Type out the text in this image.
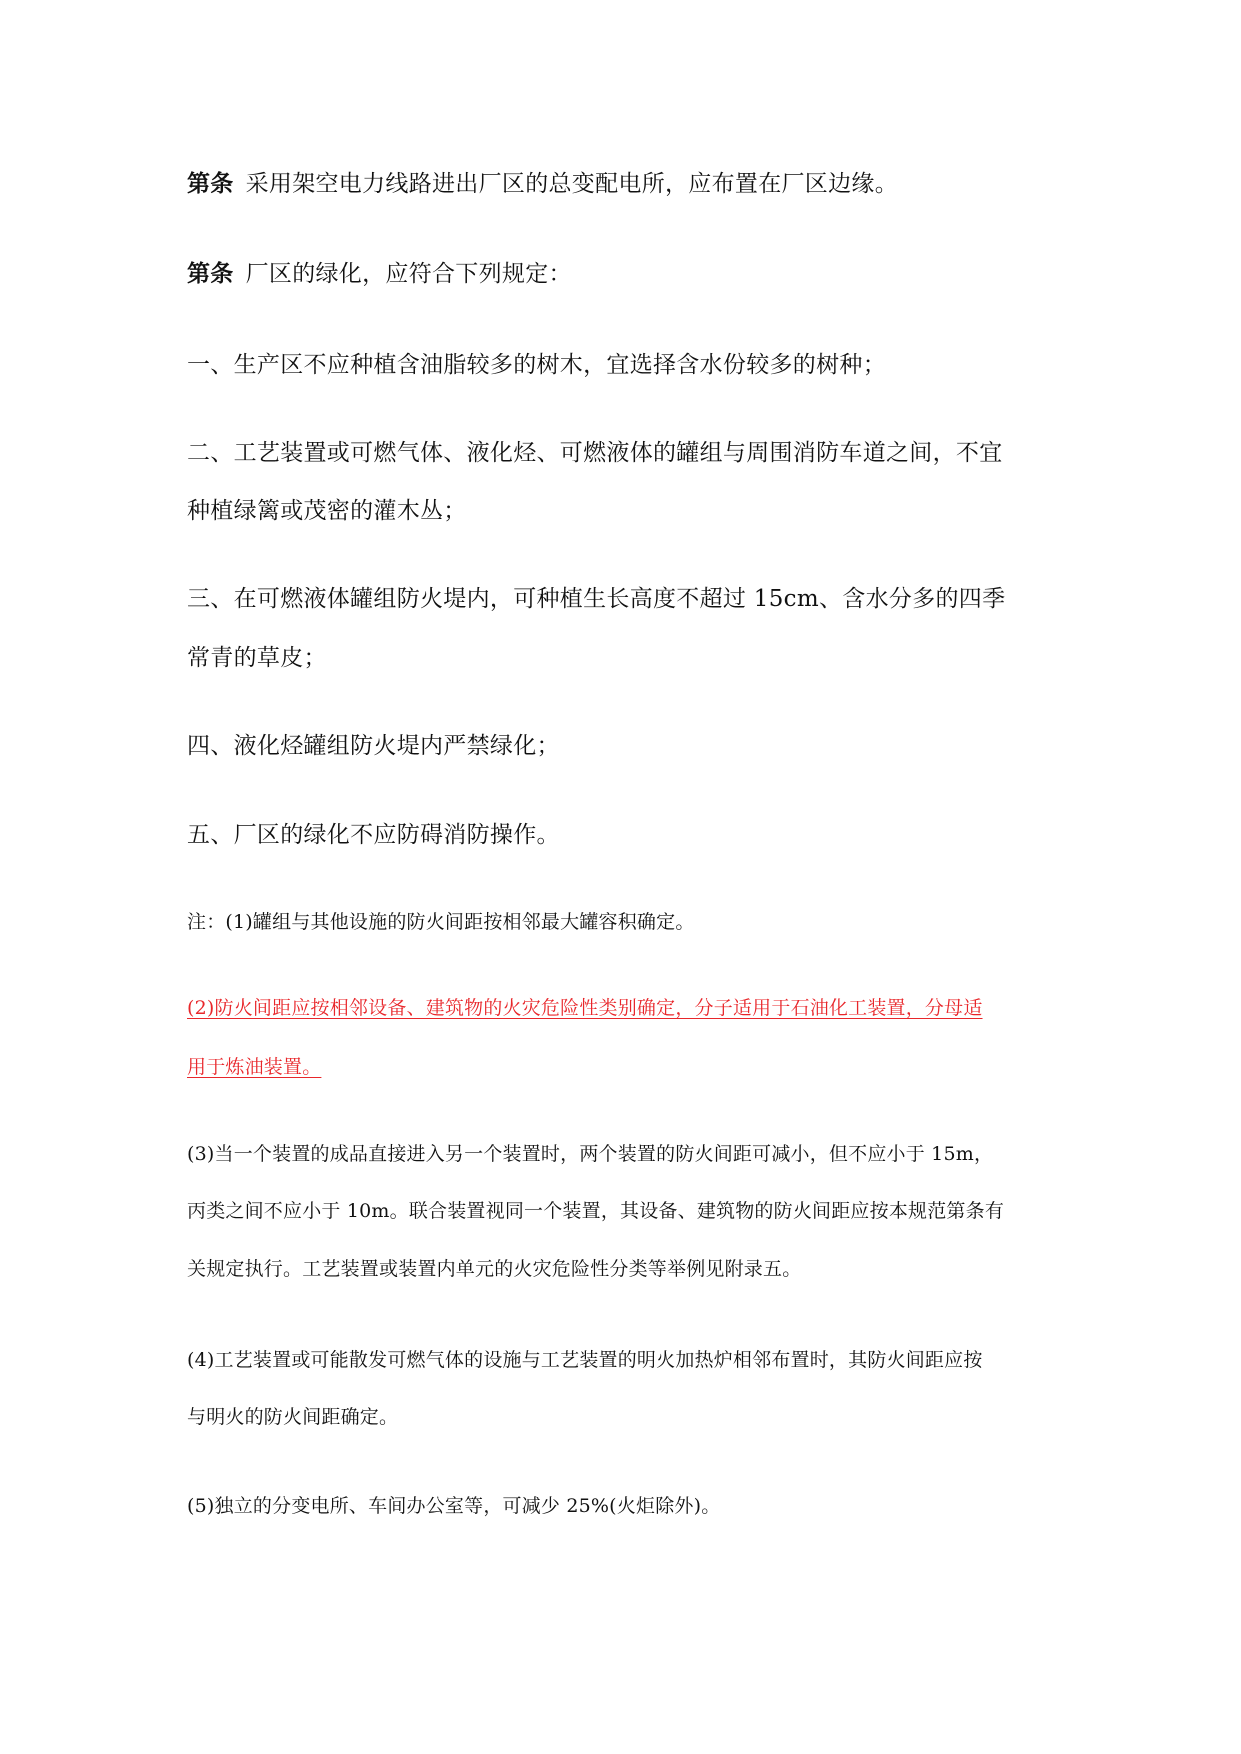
第条 采用架空电力线路进出厂区的总变配电所，应布置在厂区边缘。
第条 厂区的绿化，应符合下列规定：
一、生产区不应种植含油脂较多的树木，宜选择含水份较多的树种；
二、工艺装置或可燃气体、液化烃、可燃液体的罐组与周围消防车道之间，不宜
种植绿篱或茂密的灌木丛；
三、在可燃液体罐组防火堤内，可种植生长高度不超过 15cm、含水分多的四季
常青的草皮；
四、液化烃罐组防火堤内严禁绿化；
五、厂区的绿化不应防碍消防操作。
注：(1)罐组与其他设施的防火间距按相邻最大罐容积确定。
(2)防火间距应按相邻设备、建筑物的火灾危险性类别确定，分子适用于石油化工装置，分母适
用于炼油装置。
(3)当一个装置的成品直接进入另一个装置时，两个装置的防火间距可减小，但不应小于 15m，
丙类之间不应小于 10m。联合装置视同一个装置，其设备、建筑物的防火间距应按本规范第条有
关规定执行。工艺装置或装置内单元的火灾危险性分类等举例见附录五。
(4)工艺装置或可能散发可燃气体的设施与工艺装置的明火加热炉相邻布置时，其防火间距应按
与明火的防火间距确定。
(5)独立的分变电所、车间办公室等，可减少 25%(火炬除外)。
